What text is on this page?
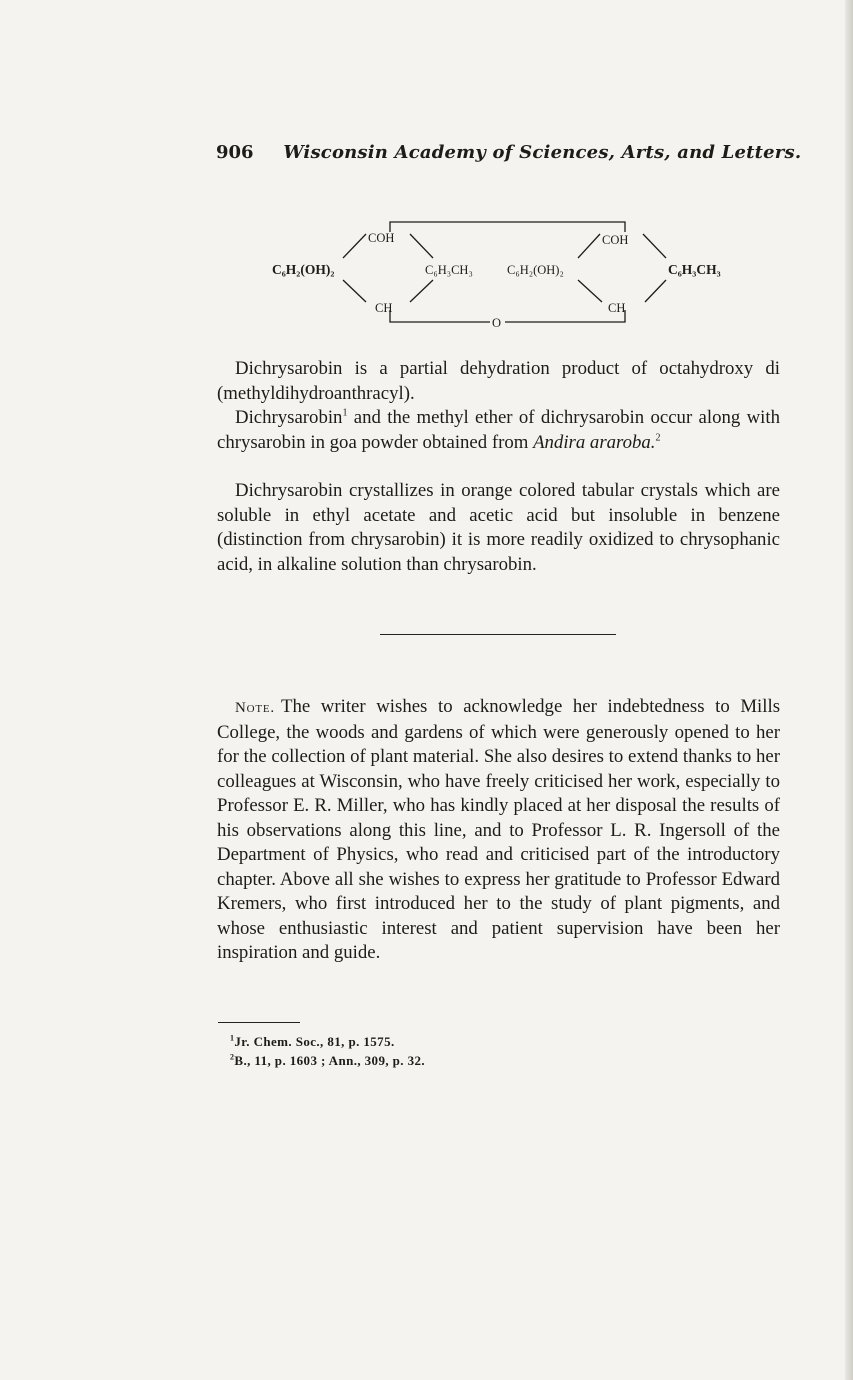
906 Wisconsin Academy of Sciences, Arts, and Letters.
COH
CH
C₆H₂(OH)₂	C₆H₃CH₃	C₆H₂(OH)₂
COH
CH
C₆H₃CH₃
O

Dichrysarobin is a partial dehydration product of octahydroxy di (methyldihydroanthracyl).

Dichrysarobin$^1$ and the methyl ether of dichrysarobin occur along with chrysarobin in goa powder obtained from Andira araroba.$^2$

Dichrysarobin crystallizes in orange colored tabular crystals which are soluble in ethyl acetate and acetic acid but insoluble in benzene (distinction from chrysarobin) it is more readily oxidized to chrysophanic acid, in alkaline solution than chrysarobin.

Note. The writer wishes to acknowledge her indebtedness to Mills College, the woods and gardens of which were generously opened to her for the collection of plant material. She also desires to extend thanks to her colleagues at Wisconsin, who have freely criticised her work, especially to Professor E. R. Miller, who has kindly placed at her disposal the results of his observations along this line, and to Professor L. R. Ingersoll of the Department of Physics, who read and criticised part of the introductory chapter. Above all she wishes to express her gratitude to Professor Edward Kremers, who first introduced her to the study of plant pigments, and whose enthusiastic interest and patient supervision have been her inspiration and guide.

$^1$Jr. Chem. Soc., 81, p. 1575.
$^2$B., 11, p. 1603 ; Ann., 309, p. 32.
